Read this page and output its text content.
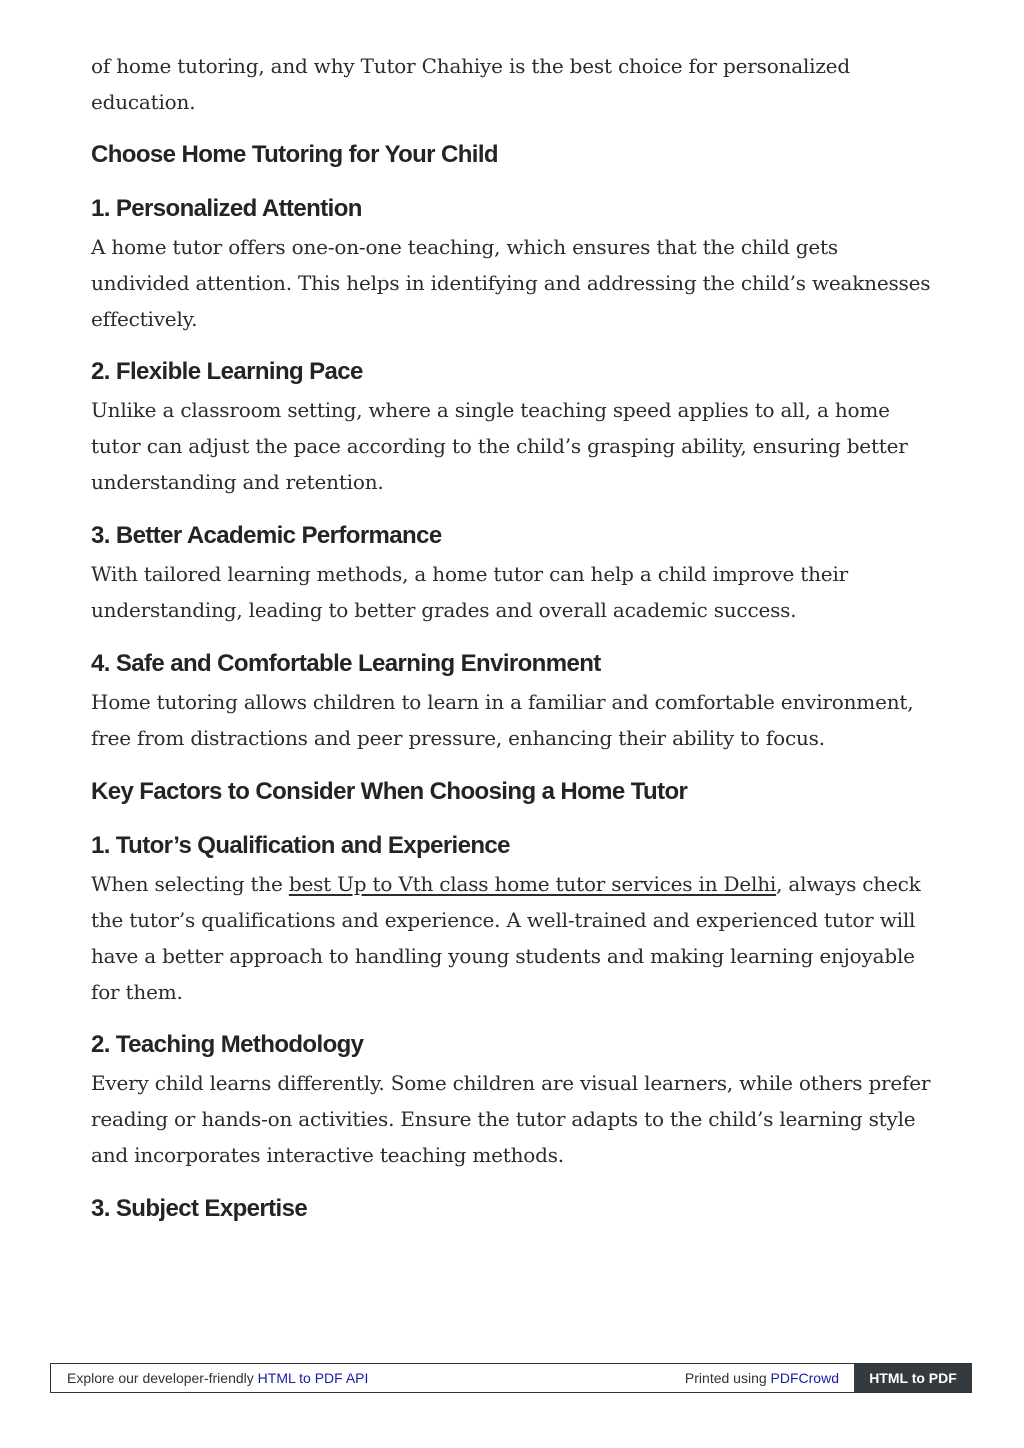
of home tutoring, and why Tutor Chahiye is the best choice for personalized education.

Choose Home Tutoring for Your Child
1. Personalized Attention

A home tutor offers one-on-one teaching, which ensures that the child gets undivided attention. This helps in identifying and addressing the child’s weaknesses effectively.

2. Flexible Learning Pace

Unlike a classroom setting, where a single teaching speed applies to all, a home tutor can adjust the pace according to the child’s grasping ability, ensuring better understanding and retention.

3. Better Academic Performance

With tailored learning methods, a home tutor can help a child improve their understanding, leading to better grades and overall academic success.

4. Safe and Comfortable Learning Environment

Home tutoring allows children to learn in a familiar and comfortable environment, free from distractions and peer pressure, enhancing their ability to focus.

Key Factors to Consider When Choosing a Home Tutor
1. Tutor’s Qualification and Experience

When selecting the best Up to Vth class home tutor services in Delhi, always check the tutor’s qualifications and experience. A well-trained and experienced tutor will have a better approach to handling young students and making learning enjoyable for them.

2. Teaching Methodology

Every child learns differently. Some children are visual learners, while others prefer reading or hands-on activities. Ensure the tutor adapts to the child’s learning style and incorporates interactive teaching methods.

3. Subject Expertise
Explore our developer-friendly HTML to PDF API	Printed using PDFCrowd	HTML to PDF
